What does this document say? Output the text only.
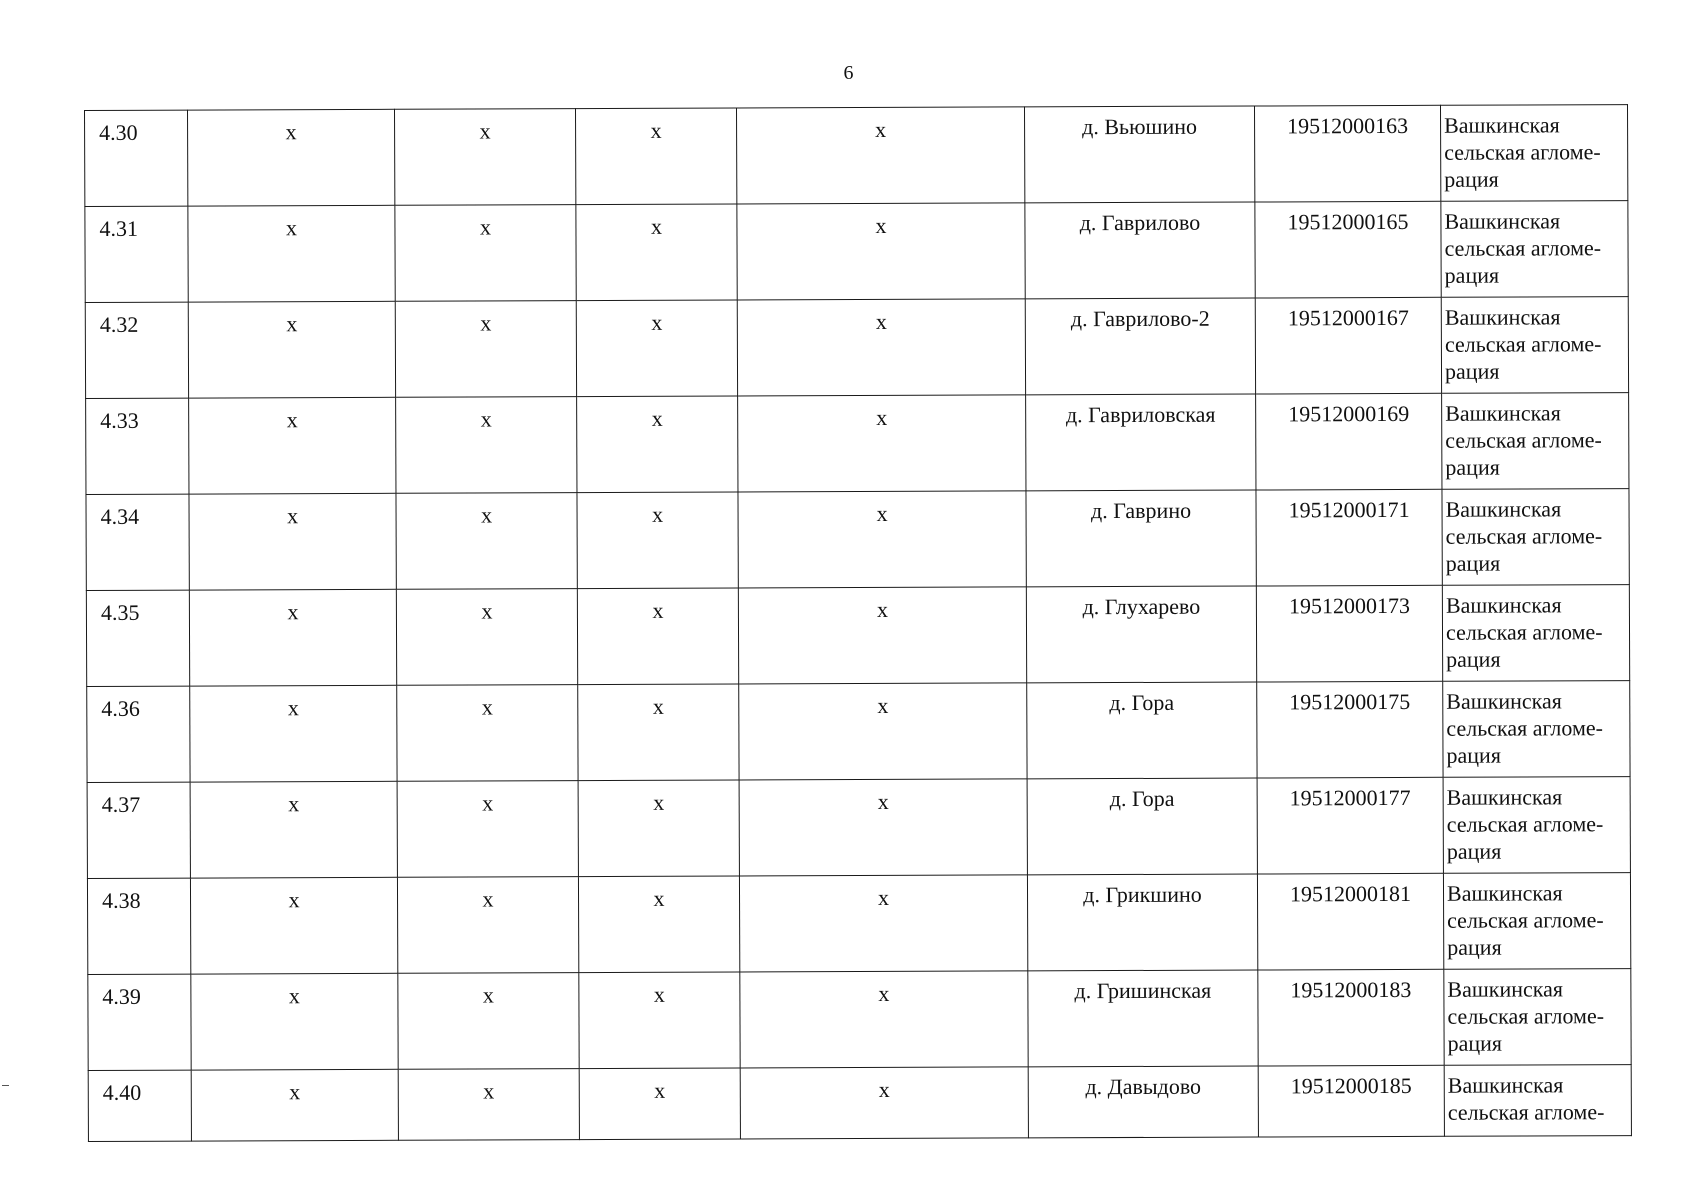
6
4.30	х	х	х	х	д. Вьюшино	19512000163	Вашкинская сельская агломе-рация

4.31	х	х	х	х	д. Гаврилово	19512000165	Вашкинская сельская агломе-рация

4.32	х	х	х	х	д. Гаврилово-2	19512000167	Вашкинская сельская агломе-рация

4.33	х	х	х	х	д. Гавриловская	19512000169	Вашкинская сельская агломе-рация

4.34	х	х	х	х	д. Гаврино	19512000171	Вашкинская сельская агломе-рация

4.35	х	х	х	х	д. Глухарево	19512000173	Вашкинская сельская агломе-рация

4.36	х	х	х	х	д. Гора	19512000175	Вашкинская сельская агломе-рация

4.37	х	х	х	х	д. Гора	19512000177	Вашкинская сельская агломе-рация

4.38	х	х	х	х	д. Грикшино	19512000181	Вашкинская сельская агломе-рация

4.39	х	х	х	х	д. Гришинская	19512000183	Вашкинская сельская агломе-рация

4.40	х	х	х	х	д. Давыдово	19512000185	Вашкинская сельская агломе-
